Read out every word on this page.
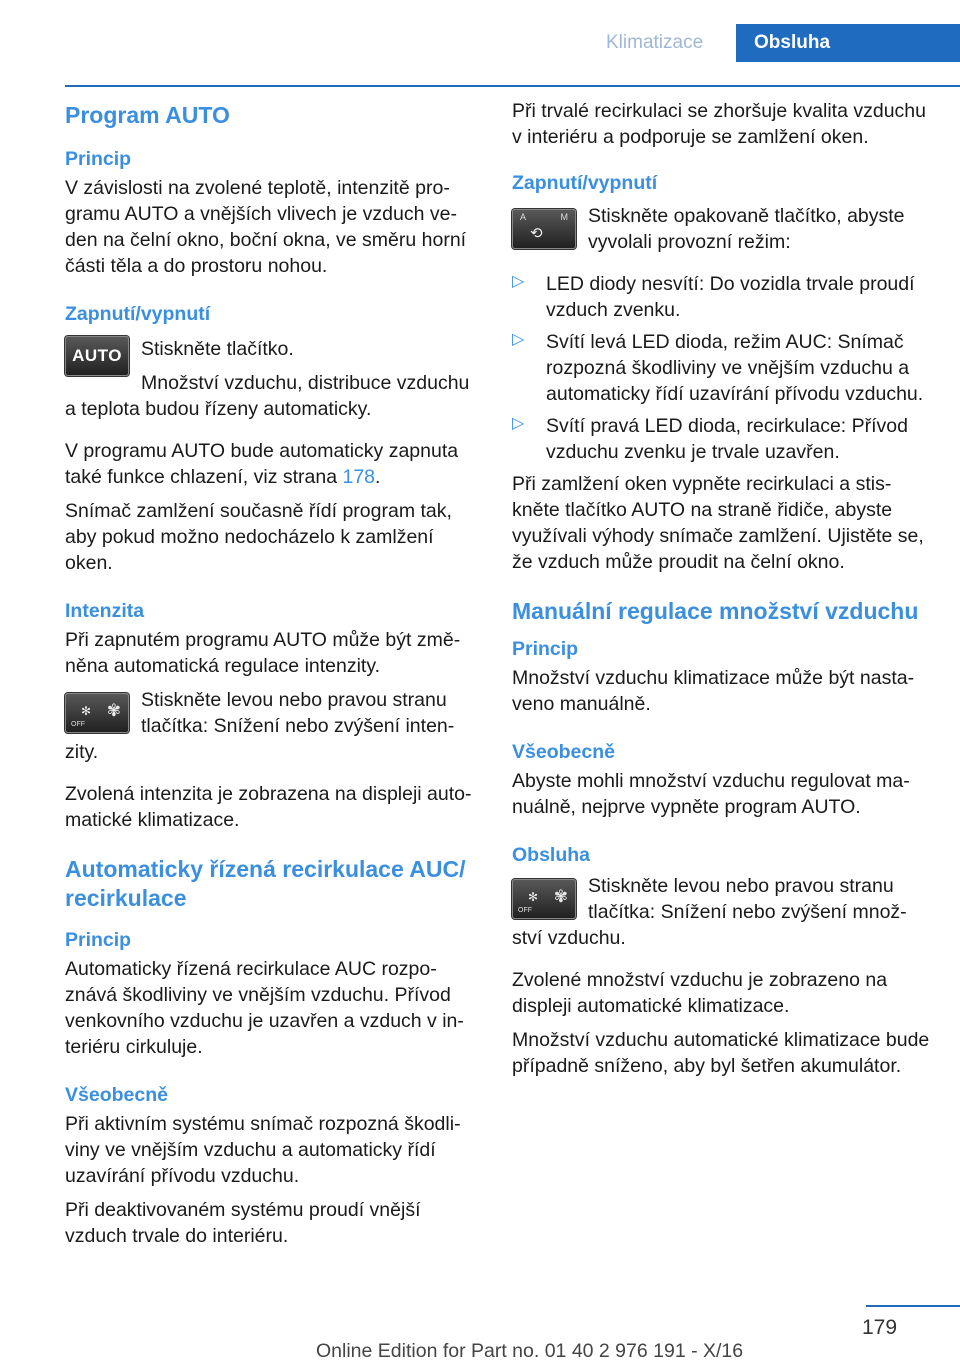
Klimatizace	Obsluha
Program AUTO
Princip

V závislosti na zvolené teplotě, intenzitě programu AUTO a vnějších vlivech je vzduch veden na čelní okno, boční okna, ve směru horní části těla a do prostoru nohou.

Zapnutí/vypnutí
AUTO Stiskněte tlačítko.

Množství vzduchu, distribuce vzduchu a teplota budou řízeny automaticky.

V programu AUTO bude automaticky zapnuta také funkce chlazení, viz strana 178.

Snímač zamlžení současně řídí program tak, aby pokud možno nedocházelo k zamlžení oken.

Intenzita

Při zapnutém programu AUTO může být změněna automatická regulace intenzity.

✻
OFF
✾	Stiskněte levou nebo pravou stranu tlačítka: Snížení nebo zvýšení intenzity.

Zvolená intenzita je zobrazena na displeji automatické klimatizace.

Automaticky řízená recirkulace AUC/ recirkulace
Princip

Automaticky řízená recirkulace AUC rozpoznává škodliviny ve vnějším vzduchu. Přívod venkovního vzduchu je uzavřen a vzduch v interiéru cirkuluje.

Všeobecně

Při aktivním systému snímač rozpozná škodliviny ve vnějším vzduchu a automaticky řídí uzavírání přívodu vzduchu.

Při deaktivovaném systému proudí vnější vzduch trvale do interiéru.

Při trvalé recirkulaci se zhoršuje kvalita vzduchu v interiéru a podporuje se zamlžení oken.

Zapnutí/vypnutí
A	M
⟲

Stiskněte opakovaně tlačítko, abyste vyvolali provozní režim:

▷ LED diody nesvítí: Do vozidla trvale proudí vzduch zvenku.

▷ Svítí levá LED dioda, režim AUC: Snímač rozpozná škodliviny ve vnějším vzduchu a automaticky řídí uzavírání přívodu vzduchu.

▷ Svítí pravá LED dioda, recirkulace: Přívod vzduchu zvenku je trvale uzavřen.

Při zamlžení oken vypněte recirkulaci a stiskněte tlačítko AUTO na straně řidiče, abyste využívali výhody snímače zamlžení. Ujistěte se, že vzduch může proudit na čelní okno.

Manuální regulace množství vzduchu
Princip

Množství vzduchu klimatizace může být nastaveno manuálně.

Všeobecně

Abyste mohli množství vzduchu regulovat manuálně, nejprve vypněte program AUTO.

Obsluha
✻
OFF
✾	Stiskněte levou nebo pravou stranu tlačítka: Snížení nebo zvýšení množství vzduchu.

Zvolené množství vzduchu je zobrazeno na displeji automatické klimatizace.

Množství vzduchu automatické klimatizace bude případně sníženo, aby byl šetřen akumulátor.

179
Online Edition for Part no. 01 40 2 976 191 - X/16
